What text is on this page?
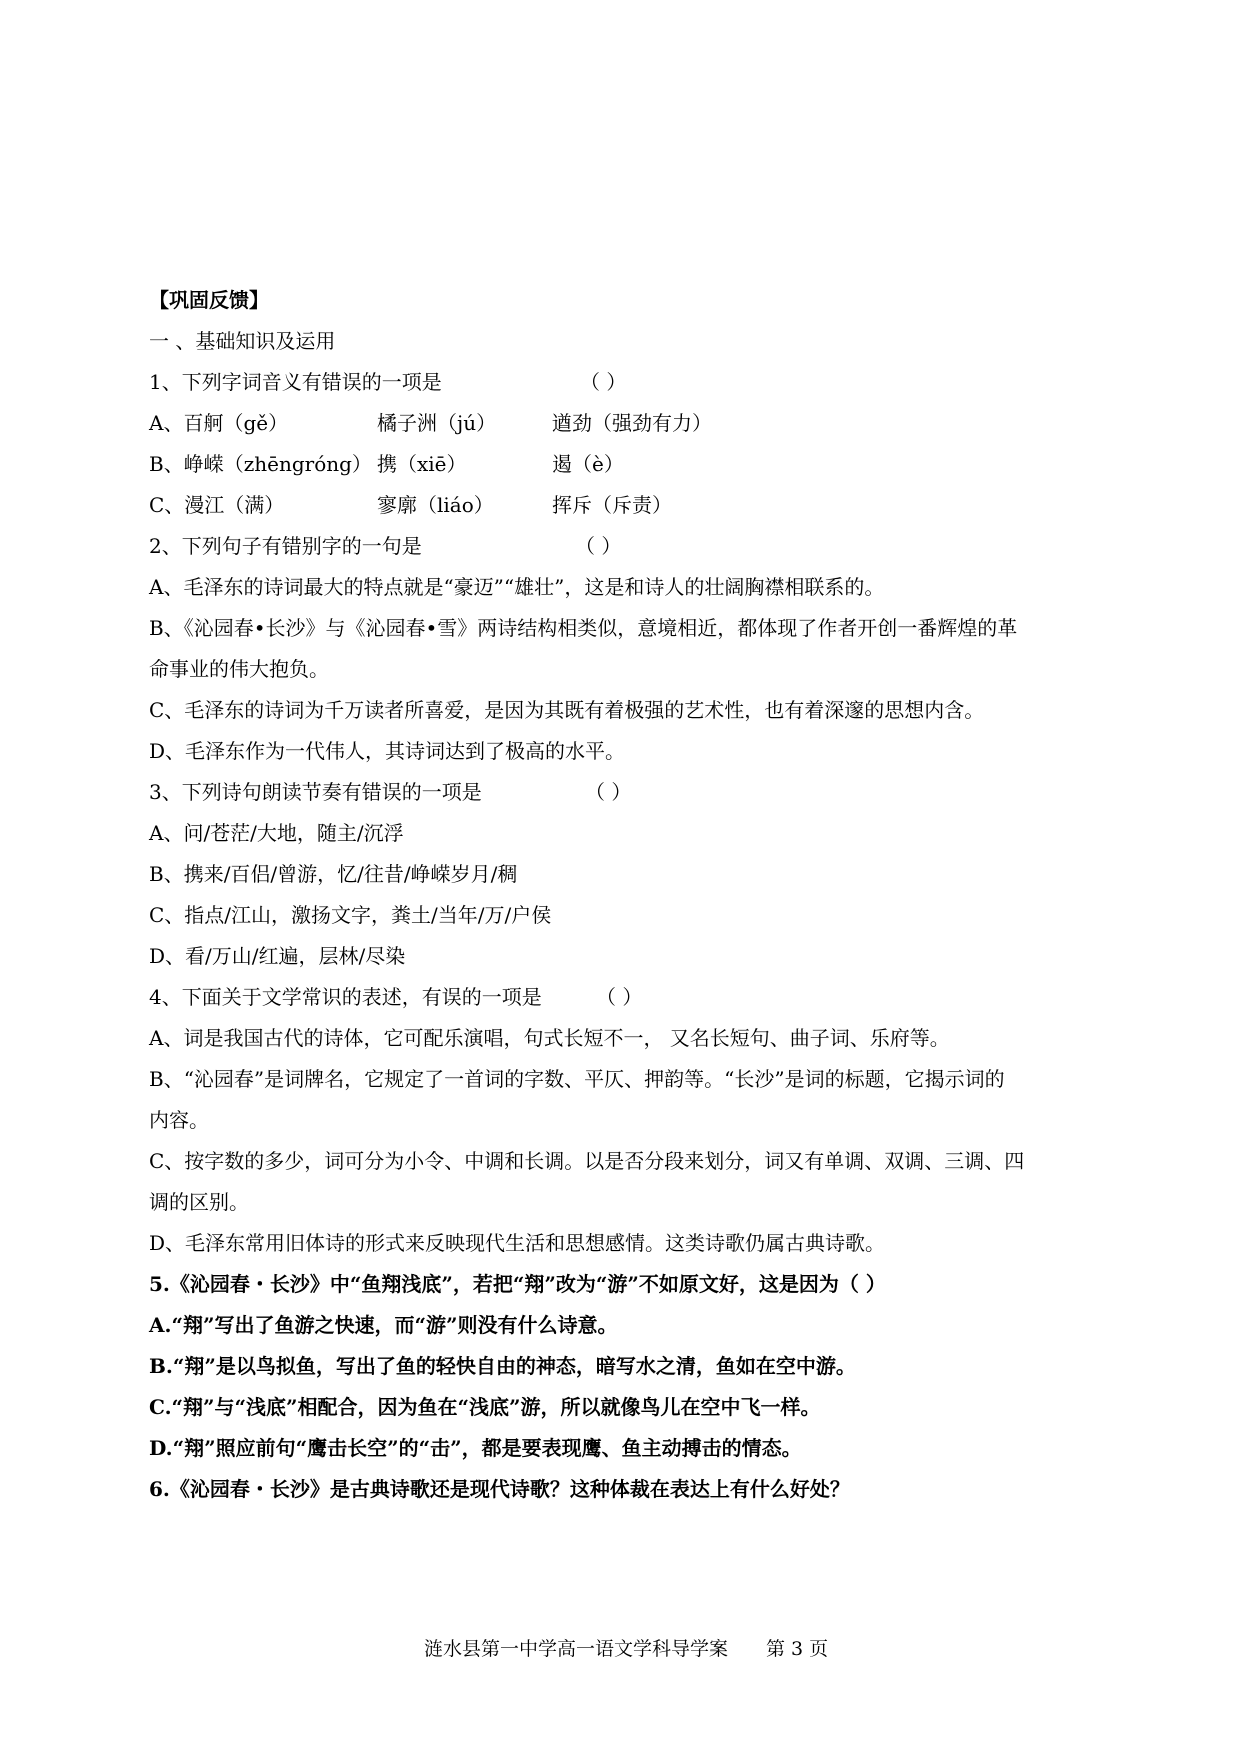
【巩固反馈】
一 、基础知识及运用
1、下列字词音义有错误的一项是	（ ）
A、百舸（gě）	橘子洲（jú）	遒劲（强劲有力）
B、峥嵘（zhēngróng） 携（xiē）	遏（è）
C、漫江（满）	寥廓（liáo）	挥斥（斥责）
2、下列句子有错别字的一句是	（ ）
A、毛泽东的诗词最大的特点就是“豪迈”“雄壮”，这是和诗人的壮阔胸襟相联系的。
B、《沁园春•长沙》与《沁园春•雪》两诗结构相类似，意境相近，都体现了作者开创一番辉煌的革
命事业的伟大抱负。
C、毛泽东的诗词为千万读者所喜爱，是因为其既有着极强的艺术性，也有着深邃的思想内含。
D、毛泽东作为一代伟人，其诗词达到了极高的水平。
3、下列诗句朗读节奏有错误的一项是	（ ）
A、问/苍茫/大地，随主/沉浮
B、携来/百侣/曾游，忆/往昔/峥嵘岁月/稠
C、指点/江山，激扬文字，粪土/当年/万/户侯
D、看/万山/红遍，层林/尽染
4、下面关于文学常识的表述，有误的一项是	（ ）
A、词是我国古代的诗体，它可配乐演唱，句式长短不一， 又名长短句、曲子词、乐府等。
B、“沁园春”是词牌名，它规定了一首词的字数、平仄、押韵等。“长沙”是词的标题，它揭示词的
内容。
C、按字数的多少，词可分为小令、中调和长调。以是否分段来划分，词又有单调、双调、三调、四
调的区别。
D、毛泽东常用旧体诗的形式来反映现代生活和思想感情。这类诗歌仍属古典诗歌。
5.《沁园春・长沙》中“鱼翔浅底”，若把“翔”改为“游”不如原文好，这是因为（ ）
A.“翔”写出了鱼游之快速，而“游”则没有什么诗意。
B.“翔”是以鸟拟鱼，写出了鱼的轻快自由的神态，暗写水之清，鱼如在空中游。
C.“翔”与“浅底”相配合，因为鱼在“浅底”游，所以就像鸟儿在空中飞一样。
D.“翔”照应前句“鹰击长空”的“击”，都是要表现鹰、鱼主动搏击的情态。
6.《沁园春・长沙》是古典诗歌还是现代诗歌？这种体裁在表达上有什么好处？
涟水县第一中学高一语文学科导学案 第 3 页
